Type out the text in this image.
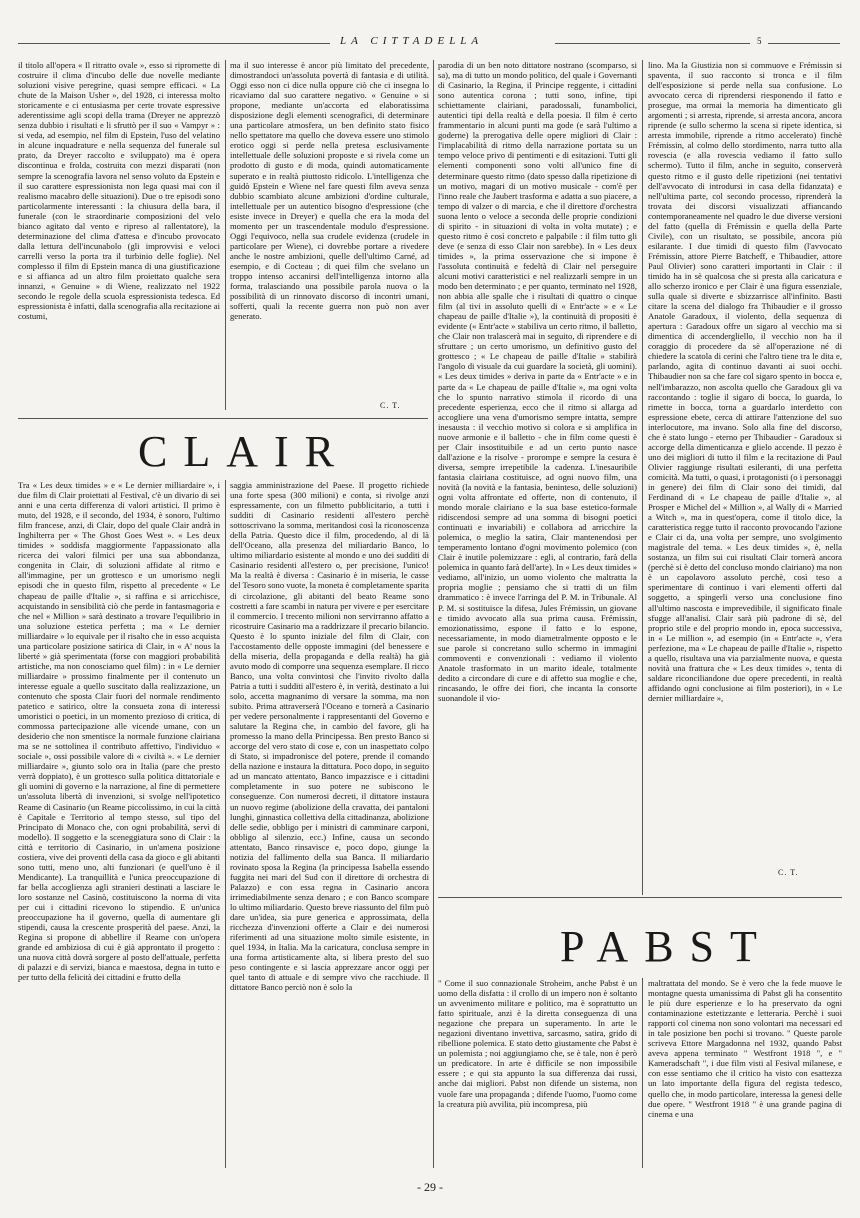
LA CITTADELLA	5
il titolo all'opera « Il ritratto ovale », esso si ripromette di costruire il clima d'incubo delle due novelle mediante soluzioni visive peregrine, quasi sempre efficaci. « La chute de la Maison Usher », del 1928, ci interessa molto storicamente e ci entusiasma per certe trovate espressive aderentissime agli scopi della trama (Dreyer ne apprezzò senza dubbio i risultati e li sfruttò per il suo « Vampyr » : si veda, ad esempio, nel film di Epstein, l'uso del velatino in alcune inquadrature e nella sequenza del funerale sul prato, da Dreyer raccolto e sviluppato) ma è opera discontinua e frolda, costruita con mezzi disparati (non sempre la scenografia lavora nel senso voluto da Epstein e il suo carattere espressionista non lega quasi mai con il realismo macabro delle situazioni). Due o tre episodi sono particolarmente interessanti : la chiusura della bara, il funerale (con le straordinarie composizioni del velo bianco agitato dal vento e ripreso al rallentatore), la determinazione del clima d'attesa e d'incubo provocato dalla lettura dell'incunabolo (gli improvvisi e veloci carrelli verso la porta tra il turbinio delle foglie). Nel complesso il film di Epstein manca di una giustificazione e si affianca ad un altro film proiettato qualche sera innanzi, « Genuine » di Wiene, realizzato nel 1922 secondo le regole della scuola espressionista tedesca. Ed espressionista è infatti, dalla scenografia alla recitazione ai costumi,
ma il suo interesse è ancor più limitato del precedente, dimostrandoci un'assoluta povertà di fantasia e di utilità. Oggi esso non ci dice nulla oppure ciò che ci insegna lo ricaviamo dal suo carattere negativo. « Genuine » si propone, mediante un'accorta ed elaboratissima disposizione degli elementi scenografici, di determinare una particolare atmosfera, un ben definito stato fisico nello spettatore ma quello che doveva essere uno stimolo erotico oggi si perde nella pretesa esclusivamente intellettuale delle soluzioni proposte e si rivela come un prodotto di gusto e di moda, quindi automaticamente superato e in realtà piuttosto ridicolo. L'intelligenza che guidò Epstein e Wiene nel fare questi film aveva senza dubbio scambiato alcune ambizioni d'ordine culturale, intellettuale per un autentico bisogno d'espressione (che esiste invece in Dreyer) e quella che era la moda del momento per un trascendentale modulo d'espressione. Oggi l'equivoco, nella sua crudele evidenza (crudele in particolare per Wiene), ci dovrebbe portare a rivedere anche le nostre ambizioni, quelle dell'ultimo Carné, ad esempio, e di Cocteau ; di quei film che svelano un troppo intenso accanirsi dell'intelligenza intorno alla forma, tralasciando una possibile parola nuova o la possibilità di un rinnovato discorso di incontri umani, sofferti, quali la recente guerra non può non aver generato.
C. T.
CLAIR
Tra « Les deux timides » e « Le dernier milliardaire », i due film di Clair proiettati al Festival, c'è un divario di sei anni e una certa differenza di valori artistici. Il primo è muto, del 1928, e il secondo, del 1934, è sonoro, l'ultimo film francese, anzi, di Clair, dopo del quale Clair andrà in Inghilterra per « The Ghost Goes West ». « Les deux timides » soddisfa maggiormente l'appassionato alla ricerca dei valori filmici per una sua abbondanza, congenita in Clair, di soluzioni affidate al ritmo e all'immagine, per un grottesco e un umorismo negli episodi che in questo film, rispetto al precedente « Le chapeau de paille d'Italie », si raffina e si arricchisce, acquistando in sensibilità ciò che perde in fantasmagoria e che nel « Million » sarà destinato a trovare l'equilibrio in una soluzione estetica perfetta ; ma « Le dernier milliardaire » lo equivale per il risalto che in esso acquista una particolare posizione satirica di Clair, in « A' nous la liberté » già sperimentata (forse con maggiori probabilità artistiche, ma non conosciamo quel film) : in « Le dernier milliardaire » prossimo finalmente per il contenuto un interesse eguale a quello suscitato dalla realizzazione, un contenuto che sposta Clair fuori del normale rendimento patetico e satirico, oltre la consueta zona di interessi umoristici o poetici, in un momento prezioso di critica, di commossa partecipazione alle vicende umane, con un desiderio che non smentisce la normale funzione clairiana ma se ne sottolinea il contributo affettivo, l'individuo « sociale », ossi possibile valore di « civiltà ». « Le dernier milliardaire », giunto solo ora in Italia (pare che presto verrà doppiato), è un grottesco sulla politica dittatoriale e gli uomini di governo e la narrazione, al fine di permettere un'assoluta libertà di invenzioni, si svolge nell'ipotetico Reame di Casinario (un Reame piccolissimo, in cui la città è Capitale e Territorio al tempo stesso, sul tipo del Principato di Monaco che, con ogni probabilità, servì di modello). Il soggetto e la sceneggiatura sono di Clair : la città e territorio di Casinario, in un'amena posizione costiera, vive dei proventi della casa da gioco e gli abitanti sono tutti, meno uno, alti funzionari (e quell'uno è il Mendicante). La tranquillità e l'unica preoccupazione di far bella accoglienza agli stranieri destinati a lasciare le loro sostanze nel Casinò, costituiscono la norma di vita per cui i cittadini ricevono lo stipendio. E un'unica preoccupazione ha il governo, quella di aumentare gli stipendi, causa la crescente prosperità del paese. Anzi, la Regina si propone di abbellire il Reame con un'opera grande ed ambiziosa di cui è già approntato il progetto : una nuova città dovrà sorgere al posto dell'attuale, perfetta di palazzi e di servizi, bianca e maestosa, degna in tutto e per tutto della felicità dei cittadini e frutto della
saggia amministrazione del Paese. Il progetto richiede una forte spesa (300 milioni) e conta, si rivolge anzi espressamente, con un filmetto pubblicitario, a tutti i sudditi di Casinario residenti all'estero perchè sottoscrivano la somma, meritandosi così la riconoscenza della Patria. Questo dice il film, procedendo, al di là dell'Oceano, alla presenza del miliardario Banco, lo ultimo miliardario esistente al mondo e uno dei sudditi di Casinario residenti all'estero o, per precisione, l'unico! Ma la realtà è diversa : Casinario è in miseria, le casse del Tesoro sono vuote, la moneta è completamente sparita di circolazione, gli abitanti del beato Reame sono costretti a fare scambi in natura per vivere e per esercitare il commercio. I trecento milioni non servirranno affatto a ricostruire Casinario ma a raddrizzare il precario bilancio. Questo è lo spunto iniziale del film di Clair, con l'accostamento delle opposte immagini (del benessere e della miseria, della propaganda e della realtà) ha già avuto modo di comporre una sequenza esemplare. Il ricco Banco, una volta convintosi che l'invito rivolto dalla Patria a tutti i sudditi all'estero è, in verità, destinato a lui solo, accetta magnanimo di versare la somma, ma non subito. Prima attraverserà l'Oceano e tornerà a Casinario per vedere personalmente i rappresentanti del Governo e salutare la Regina che, in cambio del favore, gli ha promesso la mano della Principessa. Ben presto Banco si accorge del vero stato di cose e, con un inaspettato colpo di Stato, si impadronisce del potere, prende il comando della nazione e instaura la dittatura. Poco dopo, in seguito ad un mancato attentato, Banco impazzisce e i cittadini completamente in suo potere ne subiscono le conseguenze. Con numerosi decreti, il dittatore instaura un nuovo regime (abolizione della cravatta, dei pantaloni lunghi, ginnastica collettiva della cittadinanza, abolizione delle sedie, obbligo per i ministri di camminare carponi, obbligo al silenzio, ecc.) Infine, causa un secondo attentato, Banco rinsavisce e, poco dopo, giunge la notizia del fallimento della sua Banca. Il miliardario rovinato sposa la Regina (la principessa Isabella essendo fuggita nei mari del Sud con il direttore di orchestra di Palazzo) e con essa regna in Casinario ancora irrimediabilmente senza denaro ; e con Banco scompare lo ultimo miliardario. Questo breve riassunto del film può dare un'idea, sia pure generica e approssimata, della ricchezza d'invenzioni offerte a Clair e dei numerosi riferimenti ad una situazione molto simile esistente, in quel 1934, in Italia. Ma la caricatura, conclusa sempre in una forma artisticamente alta, si libera presto del suo peso contingente e si lascia apprezzare ancor oggi per quel tanto di attuale e di sempre vivo che racchiude. Il dittatore Banco perciò non è solo la
parodia di un ben noto dittatore nostrano (scomparso, si sa), ma di tutto un mondo politico, del quale i Governanti di Casinario, la Regina, il Principe reggente, i cittadini sono autentica corona ; tutti sono, infine, tipi schiettamente clairiani, paradossali, funambolici, autentici tipi della realtà e della poesia. Il film è certo frammentario in alcuni punti ma gode (e sarà l'ultimo a goderne) la prerogativa delle opere migliori di Clair : l'implacabilità di ritmo della narrazione portata su un tempo veloce privo di pentimenti e di esitazioni. Tutti gli elementi componenti sono volti all'unico fine di determinare questo ritmo (dato spesso dalla ripetizione di un motivo, magari di un motivo musicale - com'è per l'inno reale che Jaubert trasforma e adatta a suo piacere, a tempo di valzer o di marcia, e che il direttore d'orchestra suona lento o veloce a seconda delle proprie condizioni di spirito - in situazioni di volta in volta mutate) ; e questo ritmo è così concreto e palpabile : il film tutto gli deve (e senza di esso Clair non sarebbe). In « Les deux timides », la prima osservazione che si impone è l'assoluta continuità e fedeltà di Clair nel perseguire alcuni motivi caratteristici e nel realizzarli sempre in un modo ben determinato ; e per quanto, terminato nel 1928, non abbia alle spalle che i risultati di quattro o cinque film (al tivi in assoluto quelli di « Entr'acte » e « Le chapeau de paille d'Italie »), la continuità di propositi è evidente (« Entr'acte » stabiliva un certo ritmo, il balletto, che Clair non tralascerà mai in seguito, di riprendere e di sfruttare ; un certo umorismo, un definitivo gusto del grottesco ; « Le chapeau de paille d'Italie » stabilirà l'angolo di visuale da cui guardare la società, gli uomini). « Les deux timides » deriva in parte da « Entr'acte » e in parte da « Le chapeau de paille d'Italie », ma ogni volta che lo spunto narrativo stimola il ricordo di una precedente esperienza, ecco che il ritmo si allarga ad accogliere una vena d'umorismo sempre intatta, sempre inesausta : il vecchio motivo si colora e si amplifica in nuove armonie e il balletto - che in film come questi è per Clair insostituibile e ad un certo punto nasce dall'azione e la risolve - prorompe e sempre la cesura è diversa, sempre irrepetibile la cadenza. L'inesauribile fantasia clairiana costituisce, ad ogni nuovo film, una novità (la novità e la fantasia, beninteso, delle soluzioni) ogni volta affrontate ed offerte, non di contenuto, il mondo morale clairiano e la sua base estetico-formale ridiscendosi sempre ad una somma di bisogni poetici continuati e invariabili) e collabora ad arricchire la polemica, o meglio la satira, Clair mantenendosi per temperamento lontano d'ogni movimento polemico (con Clair è inutile polemizzare : egli, al contrario, farà della polemica in quanto farà dell'arte). In « Les deux timides » vediamo, all'inizio, un uomo violento che maltratta la propria moglie ; pensiamo che si tratti di un film drammatico : è invece l'arringa del P. M. in Tribunale. Al P. M. si sostituisce la difesa, Jules Frémissin, un giovane e timido avvocato alla sua prima causa. Frémissin, emozionatissimo, espone il fatto e lo espone, necessariamente, in modo diametralmente opposto e le sue parole si concretano sullo schermo in immagini commoventi e convenzionali : vediamo il violento Anatole trasformato in un marito ideale, totalmente dedito a circondare di cure e di affetto sua moglie e che, rincasando, le offre dei fiori, che incanta la consorte suonandole il vio-
lino. Ma la Giustizia non si commuove e Frémissin si spaventa, il suo racconto si tronca e il film dell'esposizione si perde nella sua confusione. Lo avvocato cerca di riprendersi riesponendo il fatto e prosegue, ma ormai la memoria ha dimenticato gli argomenti ; si arresta, riprende, si arresta ancora, ancora riprende (e sullo schermo la scena si ripete identica, si arresta immobile, riprende a ritmo accelerato) finchè Frémissin, al colmo dello stordimento, narra tutto alla rovescia (e alla rovescia vediamo il fatto sullo schermo). Tutto il film, anche in seguito, conserverà questo ritmo e il gusto delle ripetizioni (nei tentativi dell'avvocato di introdursi in casa della fidanzata) e nell'ultima parte, col secondo processo, riprenderà la trovata dei discorsi visualizzati affiancando contemporaneamente nel quadro le due diverse versioni del fatto (quella di Frémissin e quella della Parte Civile), con un risultato, se possibile, ancora più esilarante. I due timidi di questo film (l'avvocato Frémissin, attore Pierre Batcheff, e Thibaudier, attore Paul Olivier) sono caratteri importanti in Clair : il timido ha in sè qualcosa che si presta alla caricatura e allo scherzo ironico e per Clair è una figura essenziale, sulla quale si diverte e sbizzarrisce all'infinito. Basti citare la scena del dialogo fra Thibaudier e il grosso Anatole Garadoux, il violento, della sequenza di apertura : Garadoux offre un sigaro al vecchio ma si dimentica di accendergliello, il vecchio non ha il coraggio di procedere da sè all'operazione né di chiedere la scatola di cerini che l'altro tiene tra le dita e, parlando, agita di continuo davanti ai suoi occhi. Thibaudier non sa che fare col sigaro spento in bocca e, nell'imbarazzo, non ascolta quello che Garadoux gli va raccontando : toglie il sigaro di bocca, lo guarda, lo rimette in bocca, torna a guardarlo interdetto con espressione ebete, cerca di attirare l'attenzione del suo interlocutore, ma invano. Solo alla fine del discorso, che è stato lungo - eterno per Thibaudier - Garadoux si accorge della dimenticanza e glielo accende. Il pezzo è uno dei migliori di tutto il film e la recitazione di Paul Olivier raggiunge risultati esileranti, di una perfetta comicità. Ma tutti, o quasi, i protagonisti (o i personaggi in genere) dei film di Clair sono dei timidi, dal Ferdinand di « Le chapeau de paille d'Italie », al Prosper e Michel del « Million », al Wally di « Married a Witch », ma in quest'opera, come il titolo dice, la caratteristica regge tutto il racconto provocando l'azione e Clair ci da, una volta per sempre, uno svolgimento magistrale del tema. « Les deux timides », è, nella sostanza, un film sui cui risultati Clair tornerà ancora (perchè si è detto del concluso mondo clairiano) ma non è un capolavoro assoluto perchè, così teso a sperimentare di continuo i vari elementi offerti dal soggetto, a spingerli verso una conclusione fino all'ultimo nascosta e imprevedibile, il significato finale sfugge all'analisi. Clair sarà più padrone di sè, del proprio stile e del proprio mondo in, epoca successiva, in « Le million », ad esempio (in « Entr'acte », v'era perfezione, ma « Le chapeau de paille d'Italie », rispetto a quello, risultava una via parzialmente nuova, e questa novità una frattura che « Les deux timides », tenta di saldare riconciliandone due opere precedenti, in realtà affidando ogni conclusione ai film posteriori), in « Le dernier milliardaire »,
C. T.
PABST
" Come il suo connazionale Stroheim, anche Pabst è un uomo della disfatta : il crollo di un impero non è soltanto un avvenimento militare e politico, ma è soprattutto un fatto spirituale, anzi è la diretta conseguenza di una negazione che prepara un superamento. In arte le negazioni diventano invettiva, sarcasmo, satira, grido di ribellione polemica. E stato detto giustamente che Pabst è un polemista ; noi aggiungiamo che, se è tale, non è però un predicatore. In arte è difficile se non impossibile essere ; e qui sta appunto la sua differenza dai russi, anche dai migliori. Pabst non difende un sistema, non vuole fare una propaganda ; difende l'uomo, l'uomo come la creatura più avvilita, più incompresa, più
maltrattata del mondo. Se è vero che la fede muove le montagne questa umanissima di Pabst gli ha consentito le più dure esperienze e lo ha preservato da ogni contaminazione estetizzante e letteraria. Perchè i suoi rapporti col cinema non sono volontari ma necessari ed in tale posizione ben pochi si trovano. " Queste parole scriveva Ettore Margadonna nel 1932, quando Pabst aveva appena terminato " Westfront 1918 ", e " Kameradschaft ", i due film visti al Fesival milanese, e con esse sentiamo che il critico ha visto con esattezza un lato importante della figura del regista tedesco, quello che, in modo particolare, interessa la genesi delle due opere. " Westfront 1918 " è una grande pagina di cinema e una
- 29 -
